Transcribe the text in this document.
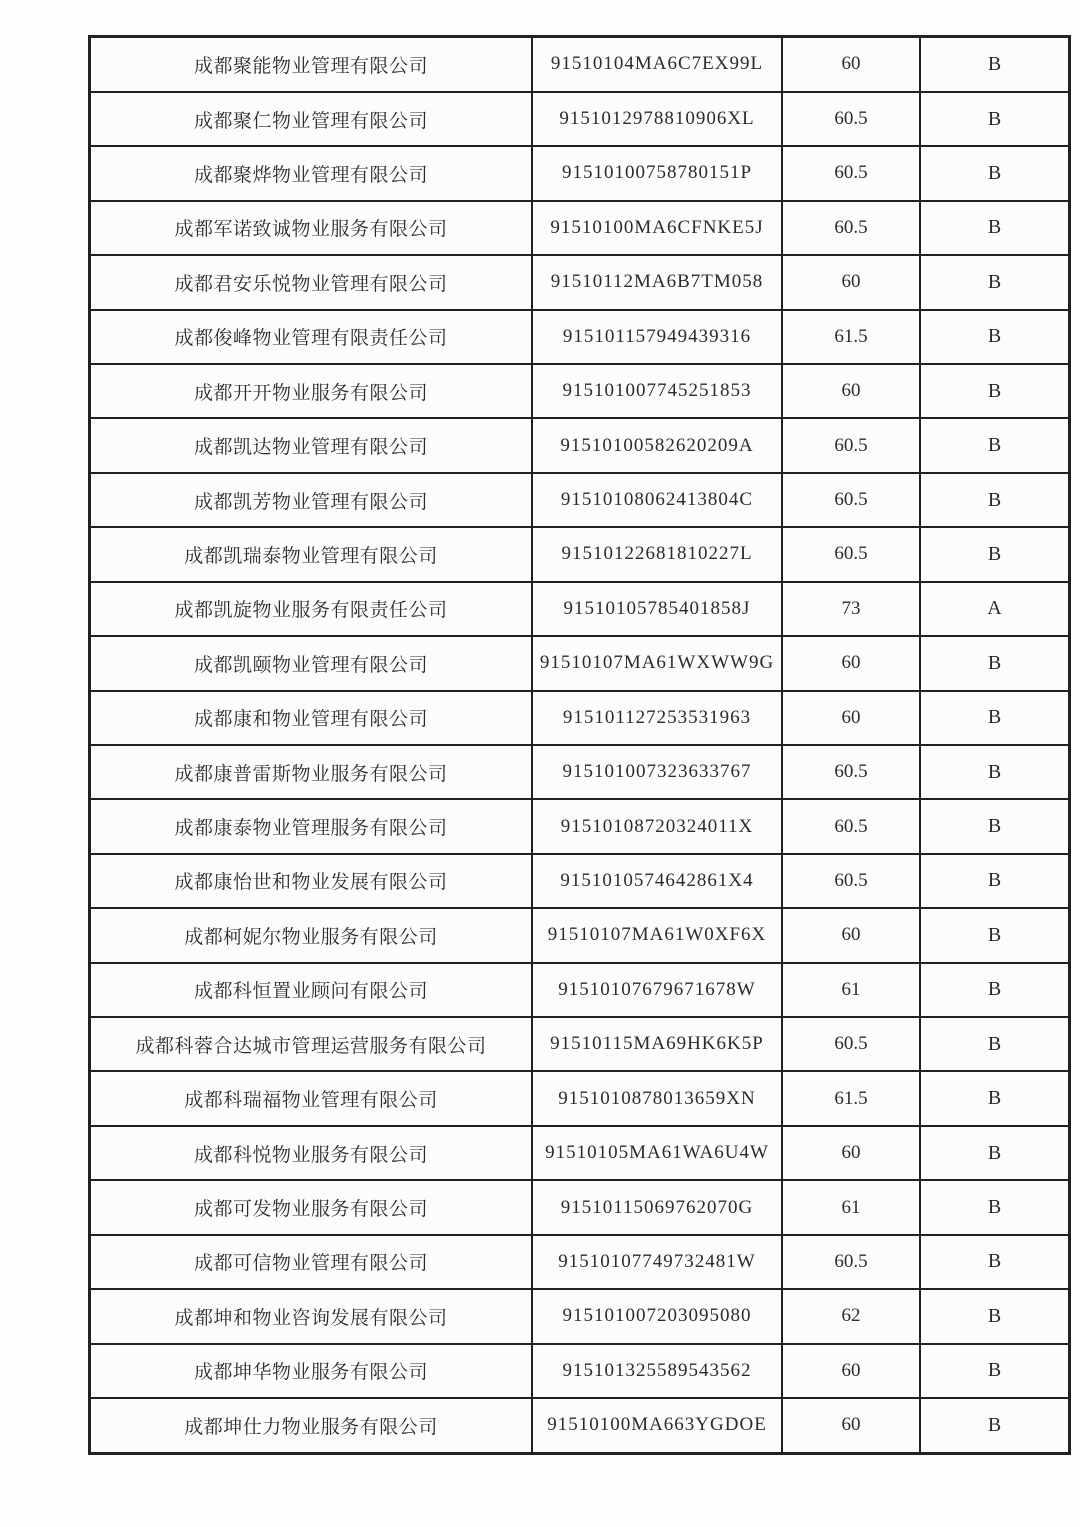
成都聚能物业管理有限公司	91510104MA6C7EX99L	60	B
成都聚仁物业管理有限公司	9151012978810906XL	60.5	B
成都聚烨物业管理有限公司	91510100758780151P	60.5	B
成都军诺致诚物业服务有限公司	91510100MA6CFNKE5J	60.5	B
成都君安乐悦物业管理有限公司	91510112MA6B7TM058	60	B
成都俊峰物业管理有限责任公司	915101157949439316	61.5	B
成都开开物业服务有限公司	915101007745251853	60	B
成都凯达物业管理有限公司	91510100582620209A	60.5	B
成都凯芳物业管理有限公司	91510108062413804C	60.5	B
成都凯瑞泰物业管理有限公司	91510122681810227L	60.5	B
成都凯旋物业服务有限责任公司	91510105785401858J	73	A
成都凯颐物业管理有限公司	91510107MA61WXWW9G	60	B
成都康和物业管理有限公司	915101127253531963	60	B
成都康普雷斯物业服务有限公司	915101007323633767	60.5	B
成都康泰物业管理服务有限公司	91510108720324011X	60.5	B
成都康怡世和物业发展有限公司	9151010574642861X4	60.5	B
成都柯妮尔物业服务有限公司	91510107MA61W0XF6X	60	B
成都科恒置业顾问有限公司	91510107679671678W	61	B
成都科蓉合达城市管理运营服务有限公司	91510115MA69HK6K5P	60.5	B
成都科瑞福物业管理有限公司	9151010878013659XN	61.5	B
成都科悦物业服务有限公司	91510105MA61WA6U4W	60	B
成都可发物业服务有限公司	91510115069762070G	61	B
成都可信物业管理有限公司	91510107749732481W	60.5	B
成都坤和物业咨询发展有限公司	915101007203095080	62	B
成都坤华物业服务有限公司	915101325589543562	60	B
成都坤仕力物业服务有限公司	91510100MA663YGDOE	60	B
